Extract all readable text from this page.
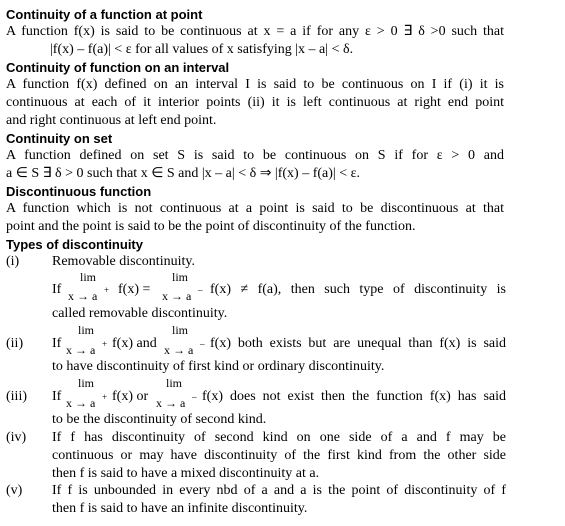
Continuity of a function at point
A function f(x) is said to be continuous at x = a if for any ε > 0 ∃ δ >0 such that
|f(x) – f(a)| < ε for all values of x satisfying |x – a| < δ.
Continuity of function on an interval
A function f(x) defined on an interval I is said to be continuous on I if (i) it is
continuous at each of it interior points (ii) it is left continuous at right end point
and right continuous at left end point.
Continuity on set
A function defined on set S is said to be continuous on S if for ε > 0 and
a ∈ S ∃ δ > 0 such that x ∈ S and |x – a| < δ ⇒ |f(x) – f(a)| < ε.
Discontinuous function
A function which is not continuous at a point is said to be discontinuous at that
point and the point is said to be the point of discontinuity of the function.
Types of discontinuity
(i) Removable discontinuity.
lim	lim
If x → a + f(x) = x → a – f(x) ≠ f(a), then such type of discontinuity is
called removable discontinuity.
lim	lim
(ii) If x → a + f(x) and x → a – f(x) both exists but are unequal than f(x) is said
to have discontinuity of first kind or ordinary discontinuity.
lim	lim
(iii) If x → a + f(x) or x → a – f(x) does not exist then the function f(x) has said
to be the discontinuity of second kind.
(iv) If f has discontinuity of second kind on one side of a and f may be
continuous or may have discontinuity of the first kind from the other side
then f is said to have a mixed discontinuity at a.
(v) If f is unbounded in every nbd of a and a is the point of discontinuity of f
then f is said to have an infinite discontinuity.
